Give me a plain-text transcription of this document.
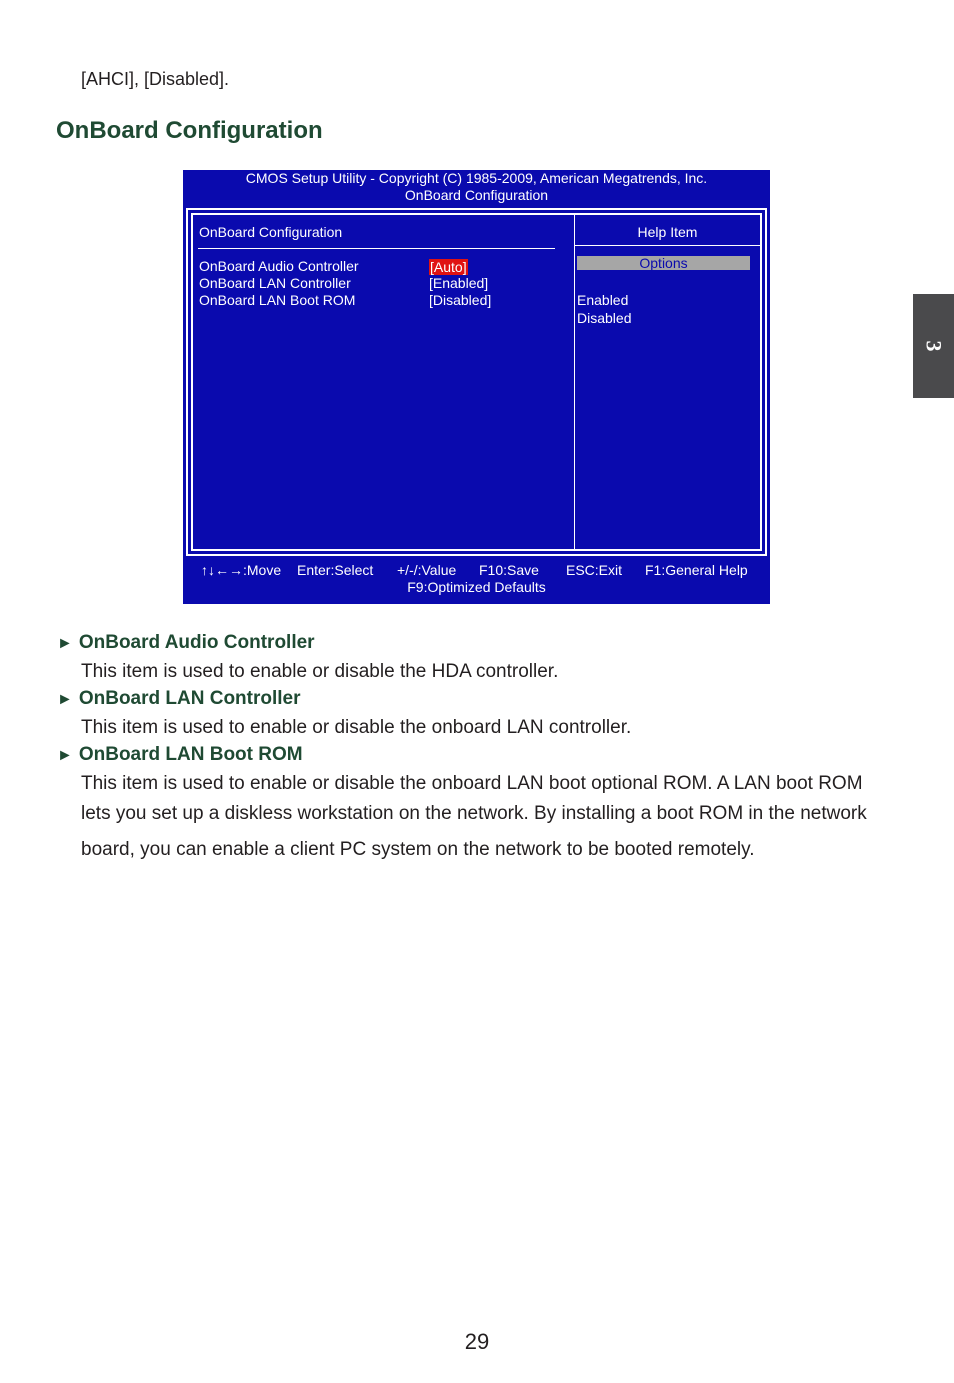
[AHCI], [Disabled].
OnBoard Configuration
3
CMOS Setup Utility - Copyright (C) 1985-2009, American Megatrends, Inc.
OnBoard Configuration
OnBoard Configuration
OnBoard Audio Controller	[Auto]
OnBoard LAN Controller	[Enabled]
OnBoard LAN Boot ROM	[Disabled]
Help Item
Options
Enabled
Disabled
↑↓←→:Move Enter:Select +/-/:Value F10:Save ESC:Exit F1:General Help
F9:Optimized Defaults
► OnBoard Audio Controller
This item is used to enable or disable the HDA controller.
► OnBoard LAN Controller
This item is used to enable or disable the onboard LAN controller.
► OnBoard LAN Boot ROM
This item is used to enable or disable the onboard LAN boot optional ROM. A LAN boot ROM
lets you set up a diskless workstation on the network. By installing a boot ROM in the network
board, you can enable a client PC system on the network to be booted remotely.
29
